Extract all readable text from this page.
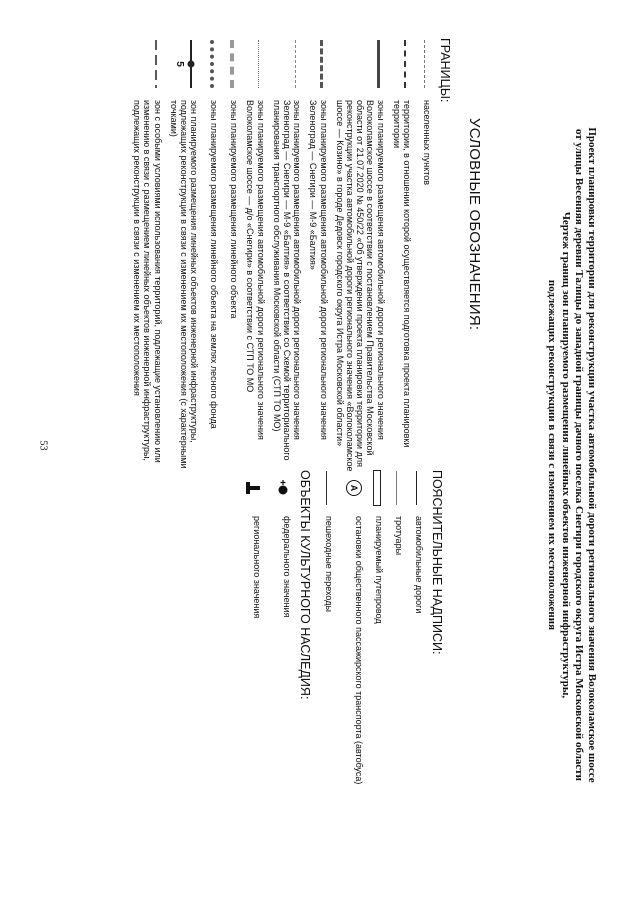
53	Проект планировки территории для реконструкции участка автомобильной дороги регионального значения Волоколамское шоссе

от улицы Весенняя деревни Талицы до западной границы дачного поселка Снегири городского округа Истра Московской области

Чертеж границ зон планируемого размещения линейных объектов инженерной инфраструктуры,

подлежащих реконструкции в связи с изменением их местоположения

УСЛОВНЫЕ ОБОЗНАЧЕНИЯ:
ГРАНИЦЫ:
населенных пунктов
территории, в отношении которой осуществляется подготовка проекта планировки территории
зоны планируемого размещения автомобильной дороги регионального значения Волоколамское шоссе в соответствии с постановлением Правительства Московской области от 21.07.2020 № 450/22 «Об утверждении проекта планировки территории для реконструкции участка автомобильной дороги регионального значения «Волоколамское шоссе — Козино» в городе Дедовск городского округа Истра Московской области»
зоны планируемого размещения автомобильной дороги регионального значения Зеленоград — Снегири — М-9 «Балтия»
зоны планируемого размещения автомобильной дороги регионального значения Зеленоград — Снегири — М-9 «Балтия» в соответствии со Схемой территориального планирования транспортного обслуживания Московской области (СТП ТО МО)
зоны планируемого размещения автомобильной дороги регионального значения Волоколамское шоссе — д/о «Снегири» в соответствии с СТП ТО МО
зоны планируемого размещения линейного объекта
зоны планируемого размещения линейного объекта на землях лесного фонда
5
зон планируемого размещения линейных объектов инженерной инфраструктуры, подлежащих реконструкции в связи с изменением их местоположения (с характерными точками)
зон с особыми условиями использования территорий, подлежащие установлению или изменению в связи с размещением линейных объектов инженерной инфраструктуры, подлежащих реконструкции в связи с изменением их местоположения
ПОЯСНИТЕЛЬНЫЕ НАДПИСИ:
автомобильные дороги
тротуары
планируемый путепровод
A
остановки общественного пассажирского транспорта (автобуса)
пешеходные переходы
ОБЪЕКТЫ КУЛЬТУРНОГО НАСЛЕДИЯ:
федерального значения
регионального значения
